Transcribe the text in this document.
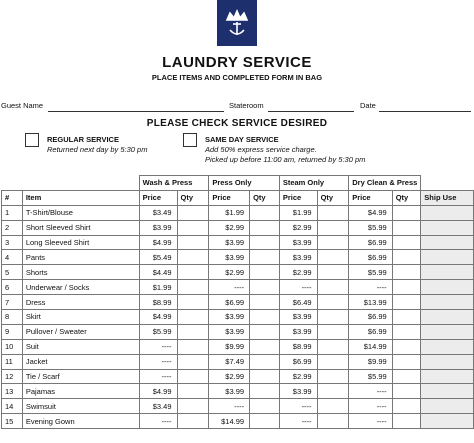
LAUNDRY SERVICE
PLACE ITEMS AND COMPLETED FORM IN BAG
Guest Name	Stateroom	Date
PLEASE CHECK SERVICE DESIRED
REGULAR SERVICE
Returned next day by 5:30 pm
SAME DAY SERVICE
Add 50% express service charge.
Picked up before 11:00 am, returned by 5:30 pm
		Wash & Press		Press Only		Steam Only		Dry Clean & Press		
#	Item	Price	Qty	Price	Qty	Price	Qty	Price	Qty	Ship Use
1	T-Shirt/Blouse	$3.49		$1.99		$1.99		$4.99		
2	Short Sleeved Shirt	$3.99		$2.99		$2.99		$5.99		
3	Long Sleeved Shirt	$4.99		$3.99		$3.99		$6.99		
4	Pants	$5.49		$3.99		$3.99		$6.99		
5	Shorts	$4.49		$2.99		$2.99		$5.99		
6	Underwear / Socks	$1.99		----		----		----		
7	Dress	$8.99		$6.99		$6.49		$13.99		
8	Skirt	$4.99		$3.99		$3.99		$6.99		
9	Pullover / Sweater	$5.99		$3.99		$3.99		$6.99		
10	Suit	----		$9.99		$8.99		$14.99		
11	Jacket	----		$7.49		$6.99		$9.99		
12	Tie / Scarf	----		$2.99		$2.99		$5.99		
13	Pajamas	$4.99		$3.99		$3.99		----		
14	Swimsuit	$3.49		----		----		----		
15	Evening Gown	----		$14.99		----		----		
